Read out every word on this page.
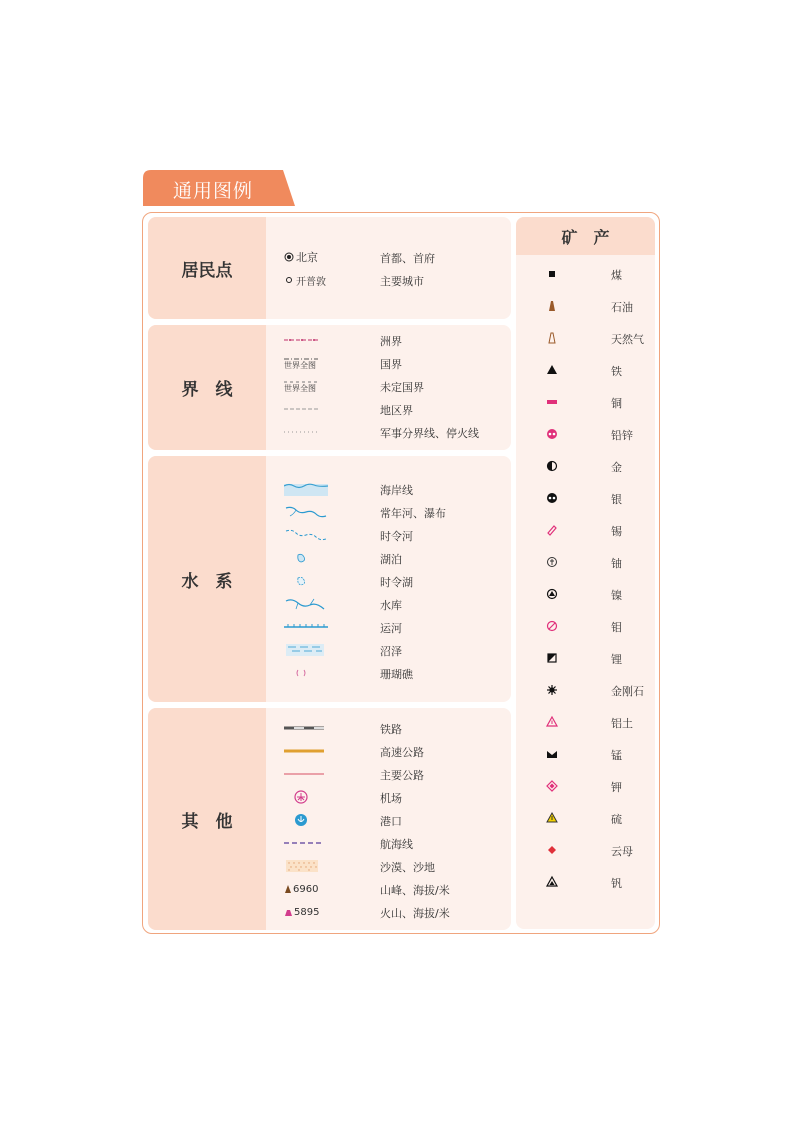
通用图例
居民点
北京	首都、首府
开普敦	主要城市
界　线
洲界
世界全图	国界
世界全图	未定国界
地区界
军事分界线、停火线
水　系
海岸线
常年河、瀑布
时令河
湖泊
时令湖
水库
运河
沼泽
珊瑚礁
其　他
铁路
高速公路
主要公路
机场
港口
航海线
沙漠、沙地
6960	山峰、海拔/米
5895	火山、海拔/米
矿　产
煤
石油
天然气
铁
铜
铅锌
金
银
锡
铀
镍
钼
锂
金刚石
铝土
锰
钾
硫
云母
钒
